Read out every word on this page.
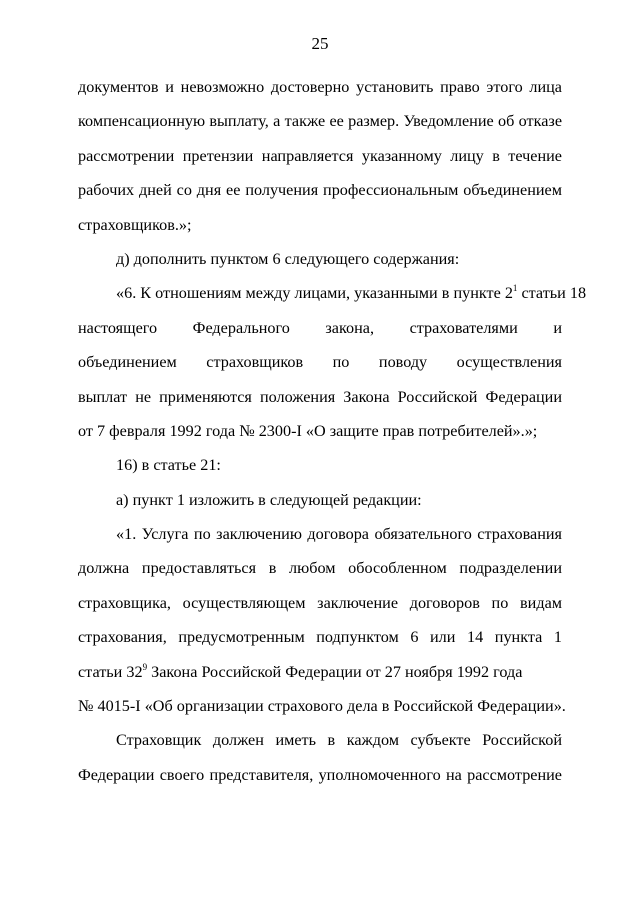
25
документов и невозможно достоверно установить право этого лица
компенсационную выплату, а также ее размер. Уведомление об отказе
рассмотрении претензии направляется указанному лицу в течение
рабочих дней со дня ее получения профессиональным объединением
страховщиков.»;
д) дополнить пунктом 6 следующего содержания:
«6. К отношениям между лицами, указанными в пункте $2^1$ статьи 18
настоящего Федерального закона, страхователями и
объединением страховщиков по поводу осуществления
выплат не применяются положения Закона Российской Федерации
от 7 февраля 1992 года № 2300-I «О защите прав потребителей».»;
16) в статье 21:
а) пункт 1 изложить в следующей редакции:
«1. Услуга по заключению договора обязательного страхования
должна предоставляться в любом обособленном подразделении
страховщика, осуществляющем заключение договоров по видам
страхования, предусмотренным подпунктом 6 или 14 пункта 1
статьи $32^9$ Закона Российской Федерации от 27 ноября 1992 года
№ 4015-I «Об организации страхового дела в Российской Федерации».
Страховщик должен иметь в каждом субъекте Российской
Федерации своего представителя, уполномоченного на рассмотрение
